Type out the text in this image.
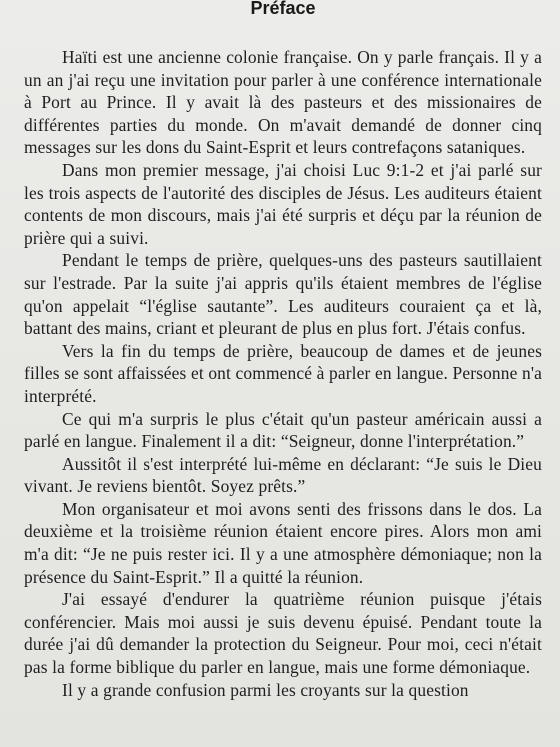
Préface

Haïti est une ancienne colonie française. On y parle français. Il y a un an j'ai reçu une invitation pour parler à une conférence internationale à Port au Prince. Il y avait là des pasteurs et des missionaires de différentes parties du monde. On m'avait demandé de donner cinq messages sur les dons du Saint-Esprit et leurs contrefaçons sataniques.

Dans mon premier message, j'ai choisi Luc 9:1-2 et j'ai parlé sur les trois aspects de l'autorité des disciples de Jésus. Les auditeurs étaient contents de mon discours, mais j'ai été surpris et déçu par la réunion de prière qui a suivi.

Pendant le temps de prière, quelques-uns des pasteurs sautillaient sur l'estrade. Par la suite j'ai appris qu'ils étaient membres de l'église qu'on appelait “l'église sautante”. Les auditeurs couraient ça et là, battant des mains, criant et pleurant de plus en plus fort. J'étais confus.

Vers la fin du temps de prière, beaucoup de dames et de jeunes filles se sont affaissées et ont commencé à parler en langue. Personne n'a interprété.

Ce qui m'a surpris le plus c'était qu'un pasteur américain aussi a parlé en langue. Finalement il a dit: “Seigneur, donne l'interprétation.”

Aussitôt il s'est interprété lui-même en déclarant: “Je suis le Dieu vivant. Je reviens bientôt. Soyez prêts.”

Mon organisateur et moi avons senti des frissons dans le dos. La deuxième et la troisième réunion étaient encore pires. Alors mon ami m'a dit: “Je ne puis rester ici. Il y a une atmosphère démoniaque; non la présence du Saint-Esprit.” Il a quitté la réunion.

J'ai essayé d'endurer la quatrième réunion puisque j'étais conférencier. Mais moi aussi je suis devenu épuisé. Pendant toute la durée j'ai dû demander la protection du Seigneur. Pour moi, ceci n'était pas la forme biblique du parler en langue, mais une forme démoniaque.

Il y a grande confusion parmi les croyants sur la question
